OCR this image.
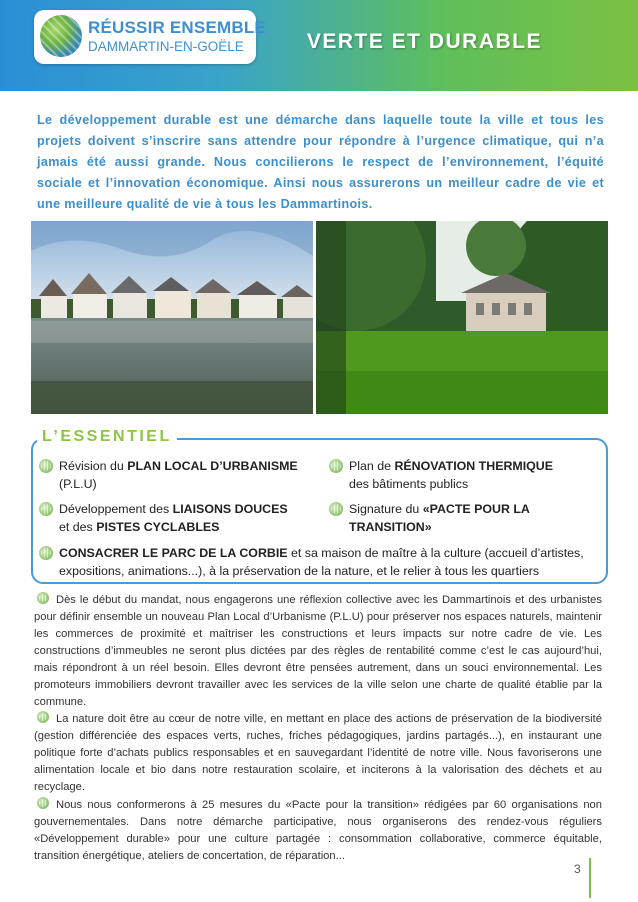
RÉUSSIR ENSEMBLE
DAMMARTIN-EN-GOËLE	VERTE ET DURABLE
Le développement durable est une démarche dans laquelle toute la ville et tous les projets doivent s’inscrire sans attendre pour répondre à l’urgence climatique, qui n’a jamais été aussi grande. Nous concilierons le respect de l’environnement, l’équité sociale et l’innovation économique. Ainsi nous assurerons un meilleur cadre de vie et une meilleure qualité de vie à tous les Dammartinois.
L’ESSENTIEL
Révision du PLAN LOCAL D’URBANISME
(P.L.U)
Plan de RÉNOVATION THERMIQUE
des bâtiments publics
Développement des LIAISONS DOUCES
et des PISTES CYCLABLES
Signature du «PACTE POUR LA
TRANSITION»
CONSACRER LE PARC DE LA CORBIE et sa maison de maître à la culture (accueil d’artistes,
expositions, animations...), à la préservation de la nature, et le relier à tous les quartiers
Dès le début du mandat, nous engagerons une réflexion collective avec les Dammartinois et des urbanistes pour définir ensemble un nouveau Plan Local d’Urbanisme (P.L.U) pour préserver nos espaces naturels, maintenir les commerces de proximité et maîtriser les constructions et leurs impacts sur notre cadre de vie. Les constructions d’immeubles ne seront plus dictées par des règles de rentabilité comme c’est le cas aujourd’hui, mais répondront à un réel besoin. Elles devront être pensées autrement, dans un souci environnemental. Les promoteurs immobiliers devront travailler avec les services de la ville selon une charte de qualité établie par la commune.
La nature doit être au cœur de notre ville, en mettant en place des actions de préservation de la biodiversité (gestion différenciée des espaces verts, ruches, friches pédagogiques, jardins partagés...), en instaurant une politique forte d’achats publics responsables et en sauvegardant l’identité de notre ville. Nous favoriserons une alimentation locale et bio dans notre restauration scolaire, et inciterons à la valorisation des déchets et au recyclage.
Nous nous conformerons à 25 mesures du «Pacte pour la transition» rédigées par 60 organisations non gouvernementales. Dans notre démarche participative, nous organiserons des rendez-vous réguliers «Développement durable» pour une culture partagée : consommation collaborative, commerce équitable, transition énergétique, ateliers de concertation, de réparation...
3
